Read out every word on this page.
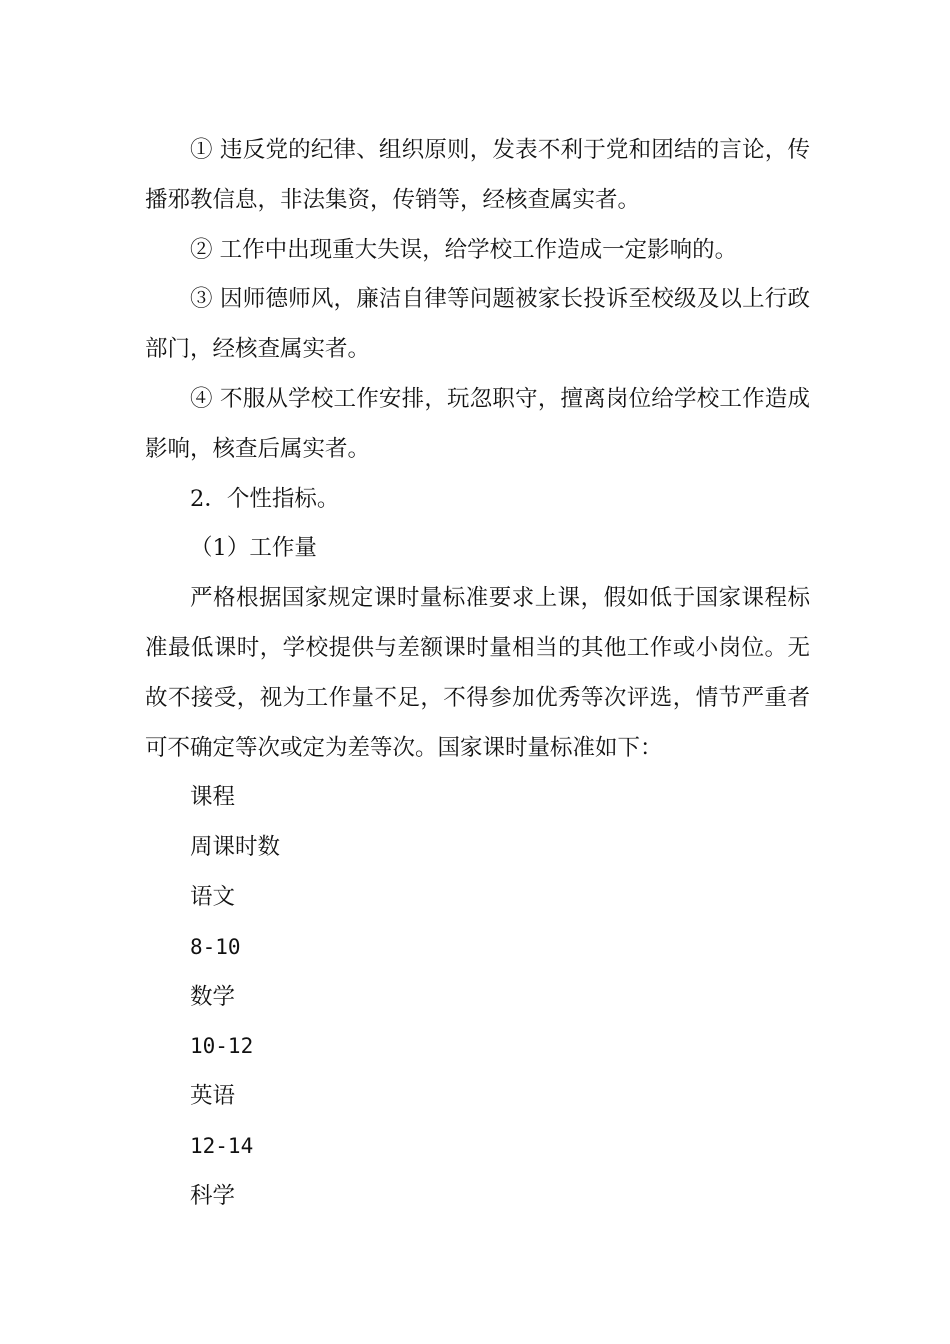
① 违反党的纪律、组织原则，发表不利于党和团结的言论，传播邪教信息，非法集资，传销等，经核查属实者。

② 工作中出现重大失误，给学校工作造成一定影响的。

③ 因师德师风，廉洁自律等问题被家长投诉至校级及以上行政部门，经核查属实者。

④ 不服从学校工作安排，玩忽职守，擅离岗位给学校工作造成影响，核查后属实者。

2．个性指标。

（1）工作量

严格根据国家规定课时量标准要求上课，假如低于国家课程标准最低课时，学校提供与差额课时量相当的其他工作或小岗位。无故不接受，视为工作量不足，不得参加优秀等次评选，情节严重者可不确定等次或定为差等次。国家课时量标准如下：

课程

周课时数

语文

8-10

数学

10-12

英语

12-14

科学
